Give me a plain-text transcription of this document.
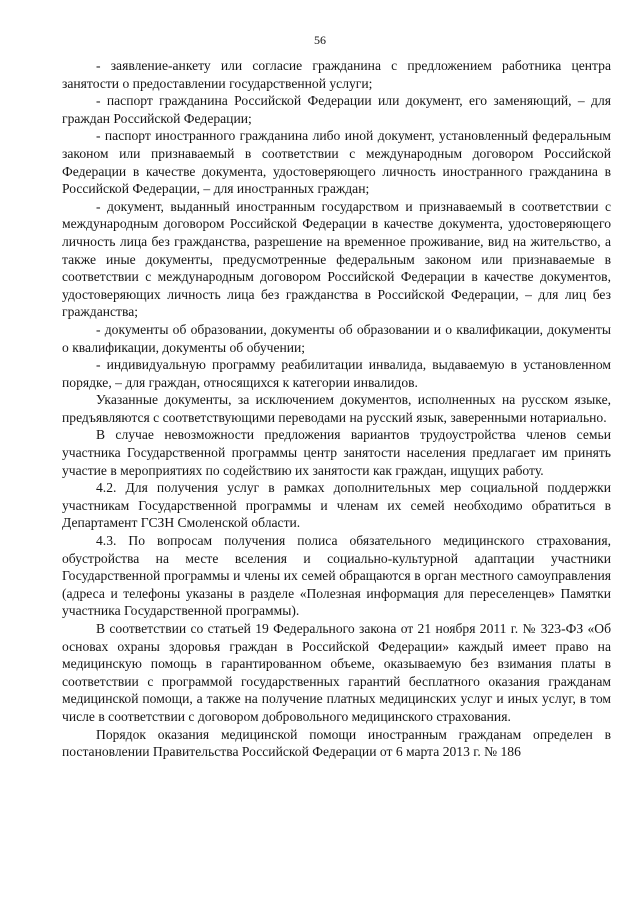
56

- заявление-анкету или согласие гражданина с предложением работника центра занятости о предоставлении государственной услуги;

- паспорт гражданина Российской Федерации или документ, его заменяющий, – для граждан Российской Федерации;

- паспорт иностранного гражданина либо иной документ, установленный федеральным законом или признаваемый в соответствии с международным договором Российской Федерации в качестве документа, удостоверяющего личность иностранного гражданина в Российской Федерации, – для иностранных граждан;

- документ, выданный иностранным государством и признаваемый в соответствии с международным договором Российской Федерации в качестве документа, удостоверяющего личность лица без гражданства, разрешение на временное проживание, вид на жительство, а также иные документы, предусмотренные федеральным законом или признаваемые в соответствии с международным договором Российской Федерации в качестве документов, удостоверяющих личность лица без гражданства в Российской Федерации, – для лиц без гражданства;

- документы об образовании, документы об образовании и о квалификации, документы о квалификации, документы об обучении;

- индивидуальную программу реабилитации инвалида, выдаваемую в установленном порядке, – для граждан, относящихся к категории инвалидов.

Указанные документы, за исключением документов, исполненных на русском языке, предъявляются с соответствующими переводами на русский язык, заверенными нотариально.

В случае невозможности предложения вариантов трудоустройства членов семьи участника Государственной программы центр занятости населения предлагает им принять участие в мероприятиях по содействию их занятости как граждан, ищущих работу.

4.2. Для получения услуг в рамках дополнительных мер социальной поддержки участникам Государственной программы и членам их семей необходимо обратиться в Департамент ГСЗН Смоленской области.

4.3. По вопросам получения полиса обязательного медицинского страхования, обустройства на месте вселения и социально-культурной адаптации участники Государственной программы и члены их семей обращаются в орган местного самоуправления (адреса и телефоны указаны в разделе «Полезная информация для переселенцев» Памятки участника Государственной программы).

В соответствии со статьей 19 Федерального закона от 21 ноября 2011 г. № 323-ФЗ «Об основах охраны здоровья граждан в Российской Федерации» каждый имеет право на медицинскую помощь в гарантированном объеме, оказываемую без взимания платы в соответствии с программой государственных гарантий бесплатного оказания гражданам медицинской помощи, а также на получение платных медицинских услуг и иных услуг, в том числе в соответствии с договором добровольного медицинского страхования.

Порядок оказания медицинской помощи иностранным гражданам определен в постановлении Правительства Российской Федерации от 6 марта 2013 г. № 186
